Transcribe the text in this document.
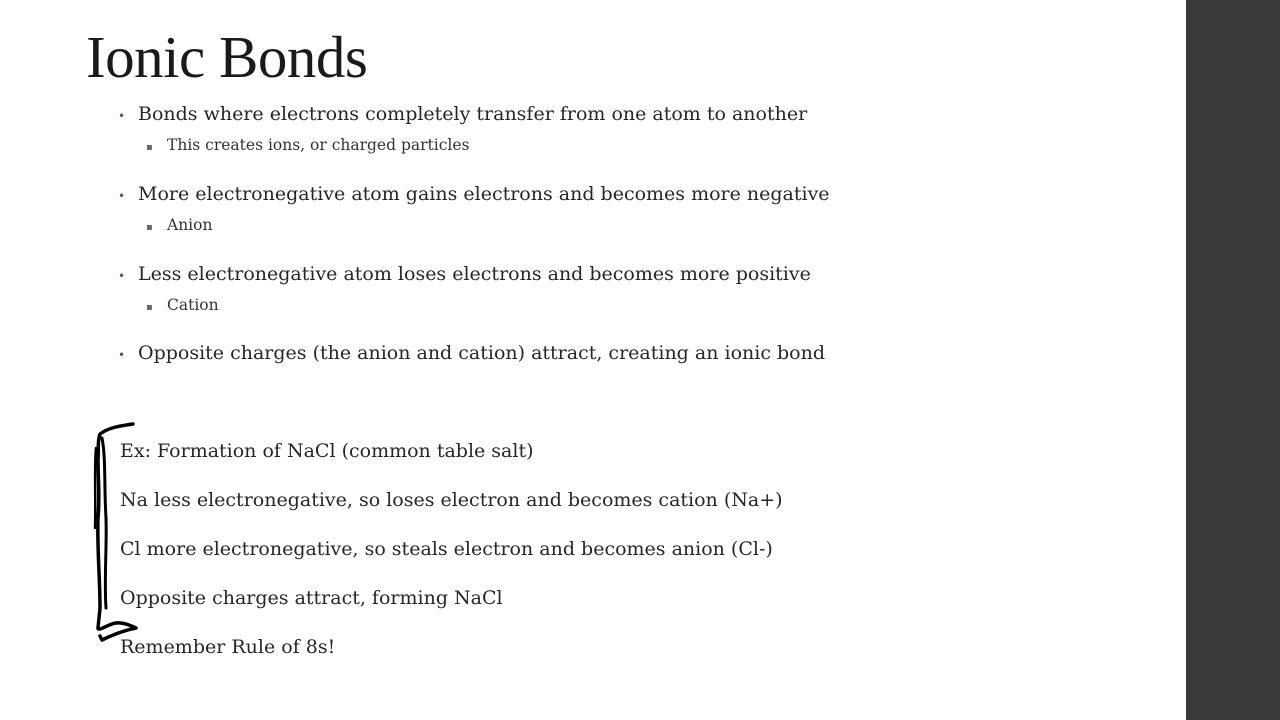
Ionic Bonds
• Bonds where electrons completely transfer from one atom to another
▪ This creates ions, or charged particles
• More electronegative atom gains electrons and becomes more negative
▪ Anion
• Less electronegative atom loses electrons and becomes more positive
▪ Cation
• Opposite charges (the anion and cation) attract, creating an ionic bond
Ex: Formation of NaCl (common table salt)
Na less electronegative, so loses electron and becomes cation (Na+)
Cl more electronegative, so steals electron and becomes anion (Cl-)
Opposite charges attract, forming NaCl
Remember Rule of 8s!
